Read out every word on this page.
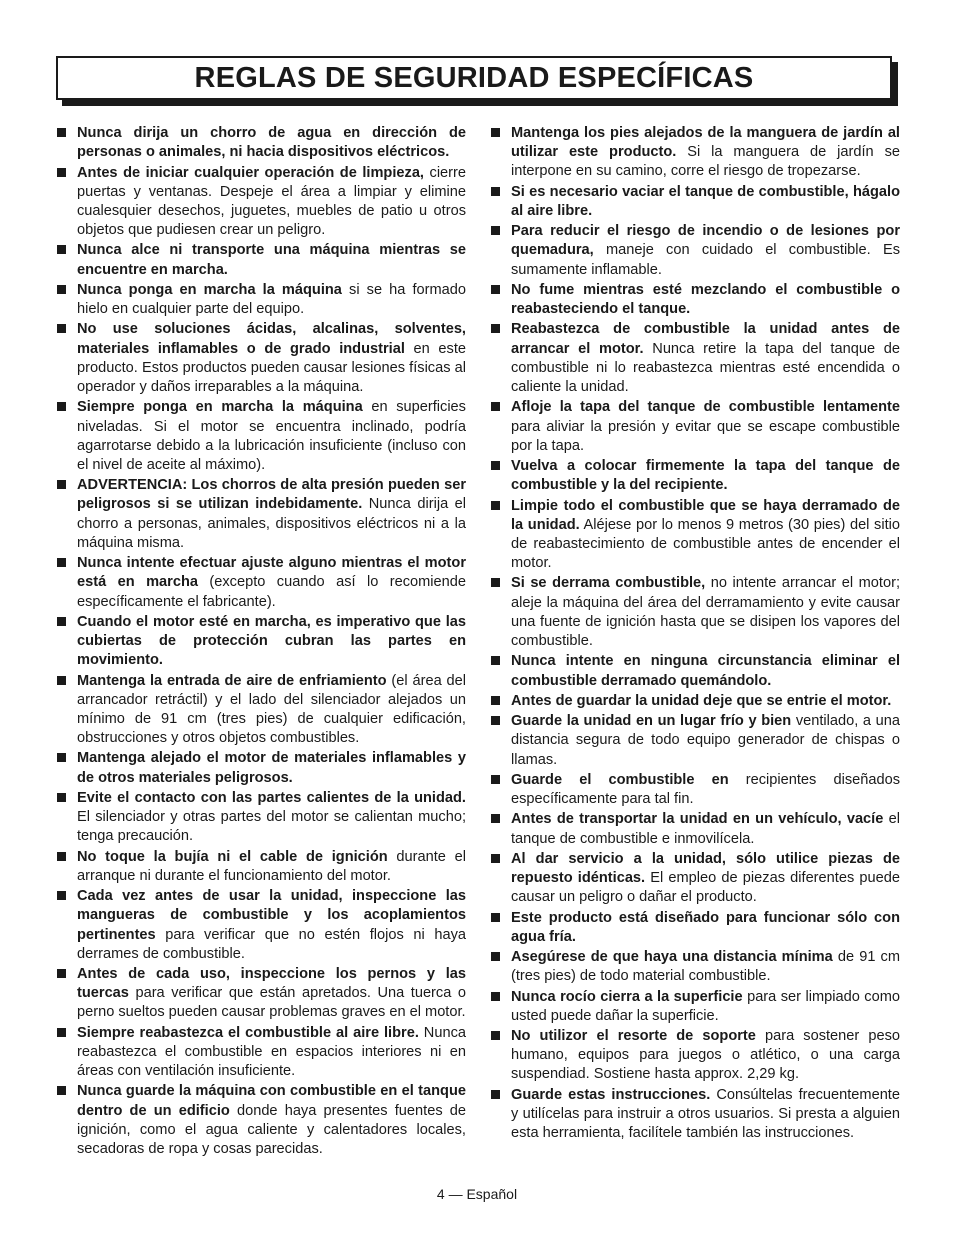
REGLAS DE SEGURIDAD ESPECÍFICAS
Nunca dirija un chorro de agua en dirección de personas o animales, ni hacia dispositivos eléctricos.
Antes de iniciar cualquier operación de limpieza, cierre puertas y ventanas. Despeje el área a limpiar y elimine cualesquier desechos, juguetes, muebles de patio u otros objetos que pudiesen crear un peligro.
Nunca alce ni transporte una máquina mientras se encuentre en marcha.
Nunca ponga en marcha la máquina si se ha formado hielo en cualquier parte del equipo.
No use soluciones ácidas, alcalinas, solventes, materiales inflamables o de grado industrial en este producto. Estos productos pueden causar lesiones físicas al operador y daños irreparables a la máquina.
Siempre ponga en marcha la máquina en superficies niveladas. Si el motor se encuentra inclinado, podría agarrotarse debido a la lubricación insuficiente (incluso con el nivel de aceite al máximo).
ADVERTENCIA: Los chorros de alta presión pueden ser peligrosos si se utilizan indebidamente. Nunca dirija el chorro a personas, animales, dispositivos eléctricos ni a la máquina misma.
Nunca intente efectuar ajuste alguno mientras el motor está en marcha (excepto cuando así lo recomiende específicamente el fabricante).
Cuando el motor esté en marcha, es imperativo que las cubiertas de protección cubran las partes en movimiento.
Mantenga la entrada de aire de enfriamiento (el área del arrancador retráctil) y el lado del silenciador alejados un mínimo de 91 cm (tres pies) de cualquier edificación, obstrucciones y otros objetos combustibles.
Mantenga alejado el motor de materiales inflamables y de otros materiales peligrosos.
Evite el contacto con las partes calientes de la unidad. El silenciador y otras partes del motor se calientan mucho; tenga precaución.
No toque la bujía ni el cable de ignición durante el arranque ni durante el funcionamiento del motor.
Cada vez antes de usar la unidad, inspeccione las mangueras de combustible y los acoplamientos pertinentes para verificar que no estén flojos ni haya derrames de combustible.
Antes de cada uso, inspeccione los pernos y las tuercas para verificar que están apretados. Una tuerca o perno sueltos pueden causar problemas graves en el motor.
Siempre reabastezca el combustible al aire libre. Nunca reabastezca el combustible en espacios interiores ni en áreas con ventilación insuficiente.
Nunca guarde la máquina con combustible en el tanque dentro de un edificio donde haya presentes fuentes de ignición, como el agua caliente y calentadores locales, secadoras de ropa y cosas parecidas.
Mantenga los pies alejados de la manguera de jardín al utilizar este producto. Si la manguera de jardín se interpone en su camino, corre el riesgo de tropezarse.
Si es necesario vaciar el tanque de combustible, hágalo al aire libre.
Para reducir el riesgo de incendio o de lesiones por quemadura, maneje con cuidado el combustible. Es sumamente inflamable.
No fume mientras esté mezclando el combustible o reabasteciendo el tanque.
Reabastezca de combustible la unidad antes de arrancar el motor. Nunca retire la tapa del tanque de combustible ni lo reabastezca mientras esté encendida o caliente la unidad.
Afloje la tapa del tanque de combustible lentamente para aliviar la presión y evitar que se escape combustible por la tapa.
Vuelva a colocar firmemente la tapa del tanque de combustible y la del recipiente.
Limpie todo el combustible que se haya derramado de la unidad. Aléjese por lo menos 9 metros (30 pies) del sitio de reabastecimiento de combustible antes de encender el motor.
Si se derrama combustible, no intente arrancar el motor; aleje la máquina del área del derramamiento y evite causar una fuente de ignición hasta que se disipen los vapores del combustible.
Nunca intente en ninguna circunstancia eliminar el combustible derramado quemándolo.
Antes de guardar la unidad deje que se entrie el motor.
Guarde la unidad en un lugar frío y bien ventilado, a una distancia segura de todo equipo generador de chispas o llamas.
Guarde el combustible en recipientes diseñados específicamente para tal fin.
Antes de transportar la unidad en un vehículo, vacíe el tanque de combustible e inmovilícela.
Al dar servicio a la unidad, sólo utilice piezas de repuesto idénticas. El empleo de piezas diferentes puede causar un peligro o dañar el producto.
Este producto está diseñado para funcionar sólo con agua fría.
Asegúrese de que haya una distancia mínima de 91 cm (tres pies) de todo material combustible.
Nunca rocío cierra a la superficie para ser limpiado como usted puede dañar la superficie.
No utilizor el resorte de soporte para sostener peso humano, equipos para juegos o atlético, o una carga suspendiad. Sostiene hasta approx. 2,29 kg.
Guarde estas instrucciones. Consúltelas frecuentemente y utilícelas para instruir a otros usuarios. Si presta a alguien esta herramienta, facilítele también las instrucciones.
4 — Español
